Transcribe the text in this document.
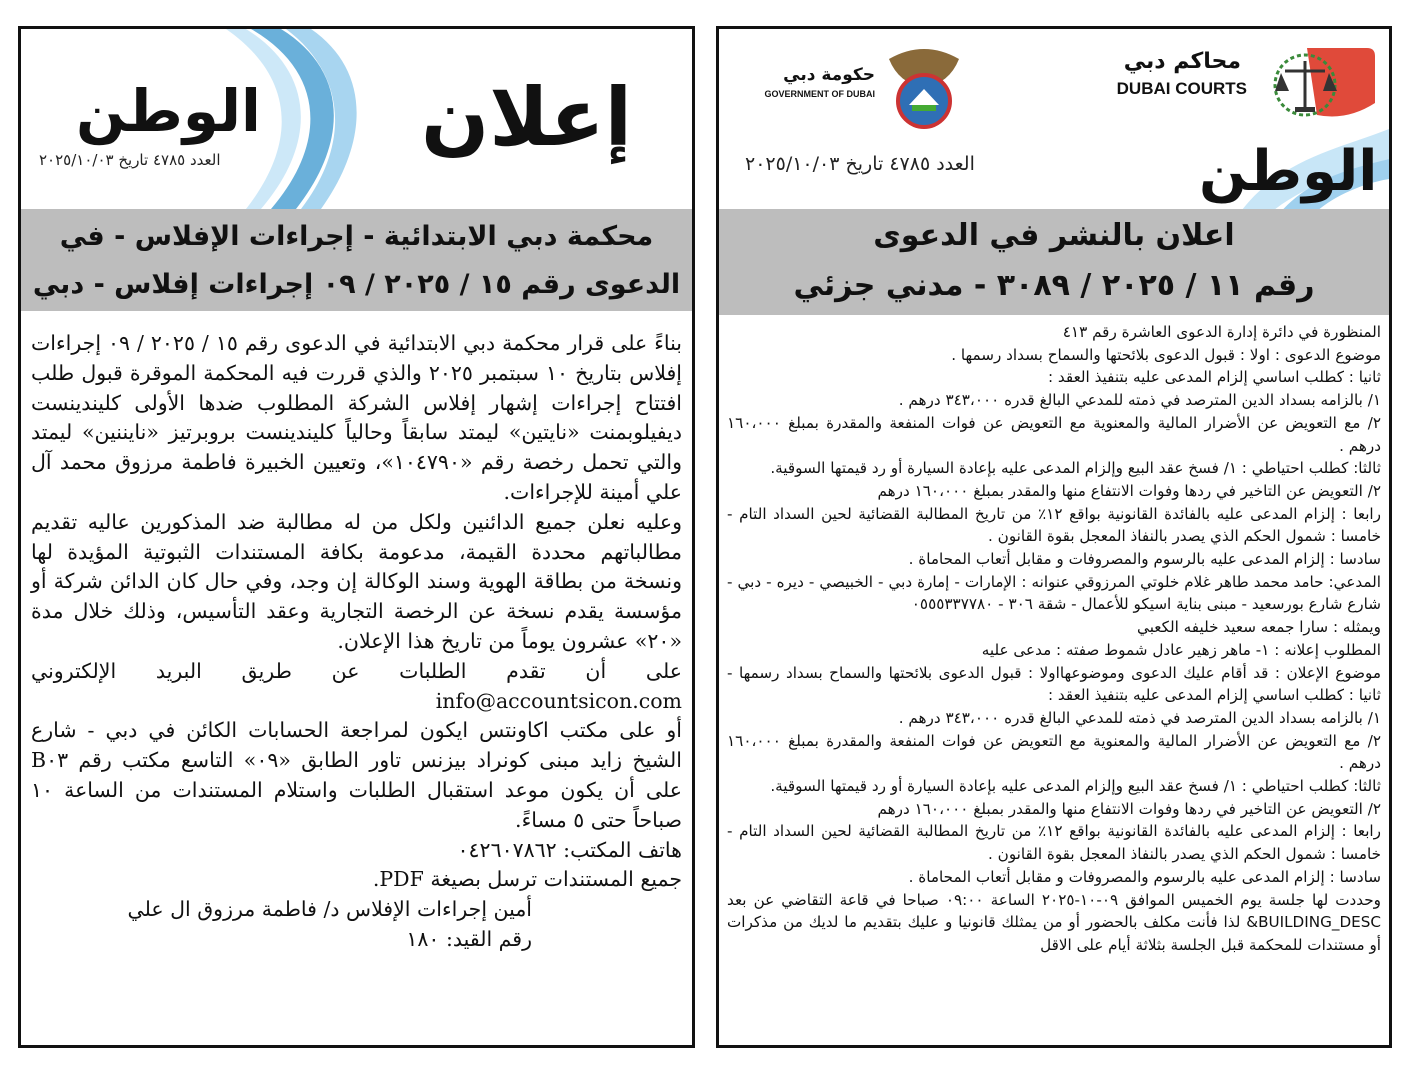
الوطن
العدد ٤٧٨٥ تاريخ ٢٠٢٥/١٠/٠٣	إعلان
محكمة دبي الابتدائية - إجراءات الإفلاس - في
الدعوى رقم ١٥ / ٢٠٢٥ / ٠٩ إجراءات إفلاس - دبي

بناءً على قرار محكمة دبي الابتدائية في الدعوى رقم ١٥ / ٢٠٢٥ / ٠٩ إجراءات إفلاس بتاريخ ١٠ سبتمبر ٢٠٢٥ والذي قررت فيه المحكمة الموقرة قبول طلب افتتاح إجراءات إشهار إفلاس الشركة المطلوب ضدها الأولى كليندينست ديفيلوبمنت «نايتين» ليمتد سابقاً وحالياً كليندينست بروبرتيز «نايننين» ليمتد والتي تحمل رخصة رقم «١٠٤٧٩٠»، وتعيين الخبيرة فاطمة مرزوق محمد آل علي أمينة للإجراءات.

وعليه نعلن جميع الدائنين ولكل من له مطالبة ضد المذكورين عاليه تقديم مطالباتهم محددة القيمة، مدعومة بكافة المستندات الثبوتية المؤيدة لها ونسخة من بطاقة الهوية وسند الوكالة إن وجد، وفي حال كان الدائن شركة أو مؤسسة يقدم نسخة عن الرخصة التجارية وعقد التأسيس، وذلك خلال مدة «٢٠» عشرون يوماً من تاريخ هذا الإعلان.

على أن تقدم الطلبات عن طريق البريد الإلكتروني info@accountsicon.com

أو على مكتب اكاونتس ايكون لمراجعة الحسابات الكائن في دبي - شارع الشيخ زايد مبنى كونراد بيزنس تاور الطابق «٠٩» التاسع مكتب رقم B٠٣ على أن يكون موعد استقبال الطلبات واستلام المستندات من الساعة ١٠ صباحاً حتى ٥ مساءً.

هاتف المكتب: ٠٤٢٦٠٧٨٦٢

جميع المستندات ترسل بصيغة PDF.

أمين إجراءات الإفلاس د/ فاطمة مرزوق ال علي

رقم القيد: ١٨٠

محاكم دبي
DUBAI COURTS
حكومة دبي
GOVERNMENT OF DUBAI
الوطن
العدد ٤٧٨٥ تاريخ ٢٠٢٥/١٠/٠٣
اعلان بالنشر في الدعوى
رقم ١١ / ٢٠٢٥ / ٣٠٨٩ - مدني جزئي

المنظورة في دائرة إدارة الدعوى العاشرة رقم ٤١٣

موضوع الدعوى : اولا : قبول الدعوى بلائحتها والسماح بسداد رسمها .

ثانيا : كطلب اساسي إلزام المدعى عليه بتنفيذ العقد :

١/ بالزامه بسداد الدين المترصد في ذمته للمدعي البالغ قدره ٣٤٣،٠٠٠ درهم .

٢/ مع التعويض عن الأضرار المالية والمعنوية مع التعويض عن فوات المنفعة والمقدرة بمبلغ ١٦٠،٠٠٠ درهم .

ثالثا: كطلب احتياطي : ١/ فسخ عقد البيع وإلزام المدعى عليه بإعادة السيارة أو رد قيمتها السوقية.

٢/ التعويض عن التاخير في ردها وفوات الانتفاع منها والمقدر بمبلغ ١٦٠،٠٠٠ درهم

رابعا : إلزام المدعى عليه بالفائدة القانونية بواقع ١٢٪ من تاريخ المطالبة القضائية لحين السداد التام - خامسا : شمول الحكم الذي يصدر بالنفاذ المعجل بقوة القانون .

سادسا : إلزام المدعى عليه بالرسوم والمصروفات و مقابل أتعاب المحاماة .

المدعي: حامد محمد طاهر غلام خلوتي المرزوقي عنوانه : الإمارات - إمارة دبي - الخبيصي - ديره - دبي - شارع شارع بورسعيد - مبنى بناية اسيكو للأعمال - شقة ٣٠٦ - ٠٥٥٥٣٣٧٧٨٠

ويمثله : سارا جمعه سعيد خليفه الكعبي

المطلوب إعلانه : ١- ماهر زهير عادل شموط صفته : مدعى عليه

موضوع الإعلان : قد أقام عليك الدعوى وموضوعهااولا : قبول الدعوى بلائحتها والسماح بسداد رسمها - ثانيا : كطلب اساسي إلزام المدعى عليه بتنفيذ العقد :

١/ بالزامه بسداد الدين المترصد في ذمته للمدعي البالغ قدره ٣٤٣،٠٠٠ درهم .

٢/ مع التعويض عن الأضرار المالية والمعنوية مع التعويض عن فوات المنفعة والمقدرة بمبلغ ١٦٠،٠٠٠ درهم .

ثالثا: كطلب احتياطي : ١/ فسخ عقد البيع وإلزام المدعى عليه بإعادة السيارة أو رد قيمتها السوقية.

٢/ التعويض عن التاخير في ردها وفوات الانتفاع منها والمقدر بمبلغ ١٦٠،٠٠٠ درهم

رابعا : إلزام المدعى عليه بالفائدة القانونية بواقع ١٢٪ من تاريخ المطالبة القضائية لحين السداد التام - خامسا : شمول الحكم الذي يصدر بالنفاذ المعجل بقوة القانون .

سادسا : إلزام المدعى عليه بالرسوم والمصروفات و مقابل أتعاب المحاماة .

وحددت لها جلسة يوم الخميس الموافق ٠٩-١٠-٢٠٢٥ الساعة ٠٩:٠٠ صباحا في قاعة التقاضي عن بعد BUILDING_DESC& لذا فأنت مكلف بالحضور أو من يمثلك قانونيا و عليك بتقديم ما لديك من مذكرات أو مستندات للمحكمة قبل الجلسة بثلاثة أيام على الاقل
